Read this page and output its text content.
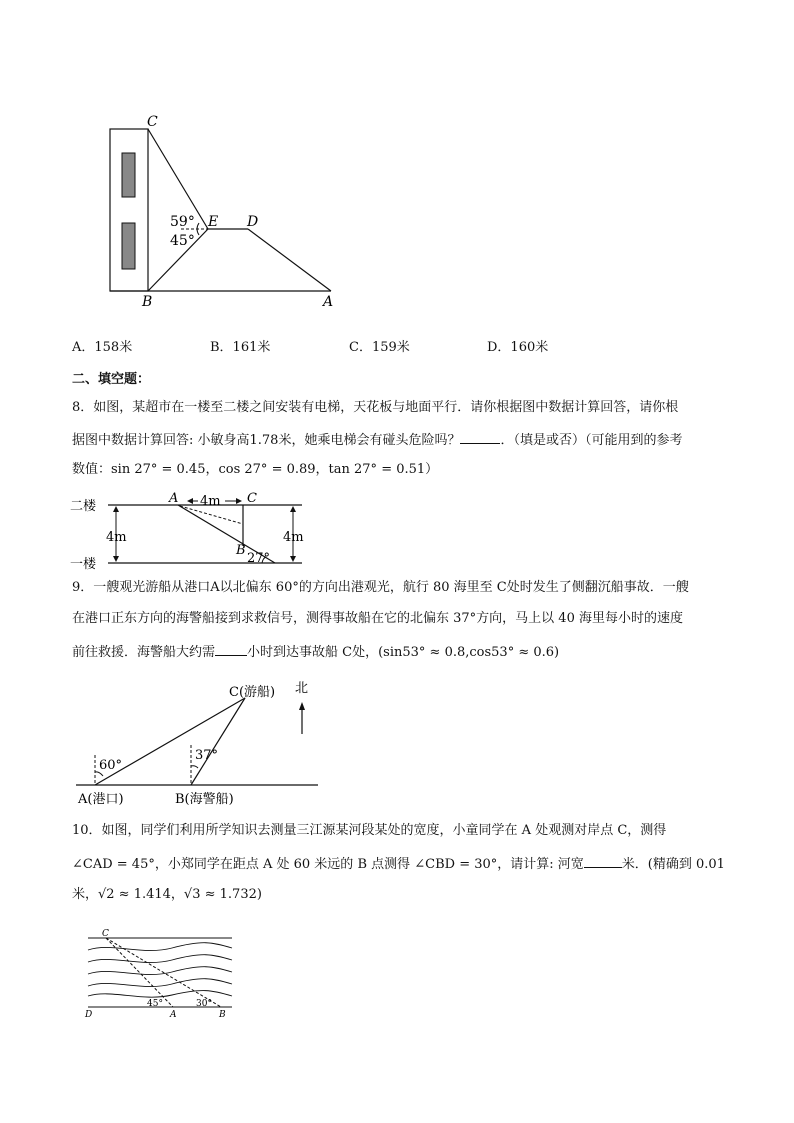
C
E D
B	A
59°
45°
A．158米	B．161米	C．159米	D．160米
二、填空题：
8．如图，某超市在一楼至二楼之间安装有电梯，天花板与地面平行．请你根据图中数据计算回答，请你根
据图中数据计算回答: 小敏身高1.78米，她乘电梯会有碰头危险吗？	．（填是或否）（可能用到的参考
数值：sin 27° = 0.45，cos 27° = 0.89，tan 27° = 0.51）
二楼
一楼
A	C
B
4m
4m	4m
27°
9．一艘观光游船从港口A以北偏东 60°的方向出港观光，航行 80 海里至 C处时发生了侧翻沉船事故．一艘
在港口正东方向的海警船接到求救信号，测得事故船在它的北偏东 37°方向，马上以 40 海里每小时的速度
前往救援．海警船大约需 小时到达事故船 C处，(sin53° ≈ 0.8,cos53° ≈ 0.6)
C(游船) 北
A(港口)	B(海警船)
60°
37°
10．如图，同学们利用所学知识去测量三江源某河段某处的宽度，小童同学在 A 处观测对岸点 C，测得
∠CAD = 45°，小郑同学在距点 A 处 60 米远的 B 点测得 ∠CBD = 30°，请计算: 河宽	米．(精确到 0.01
米，√2 ≈ 1.414，√3 ≈ 1.732)
C
D	A	B
45°	30°
